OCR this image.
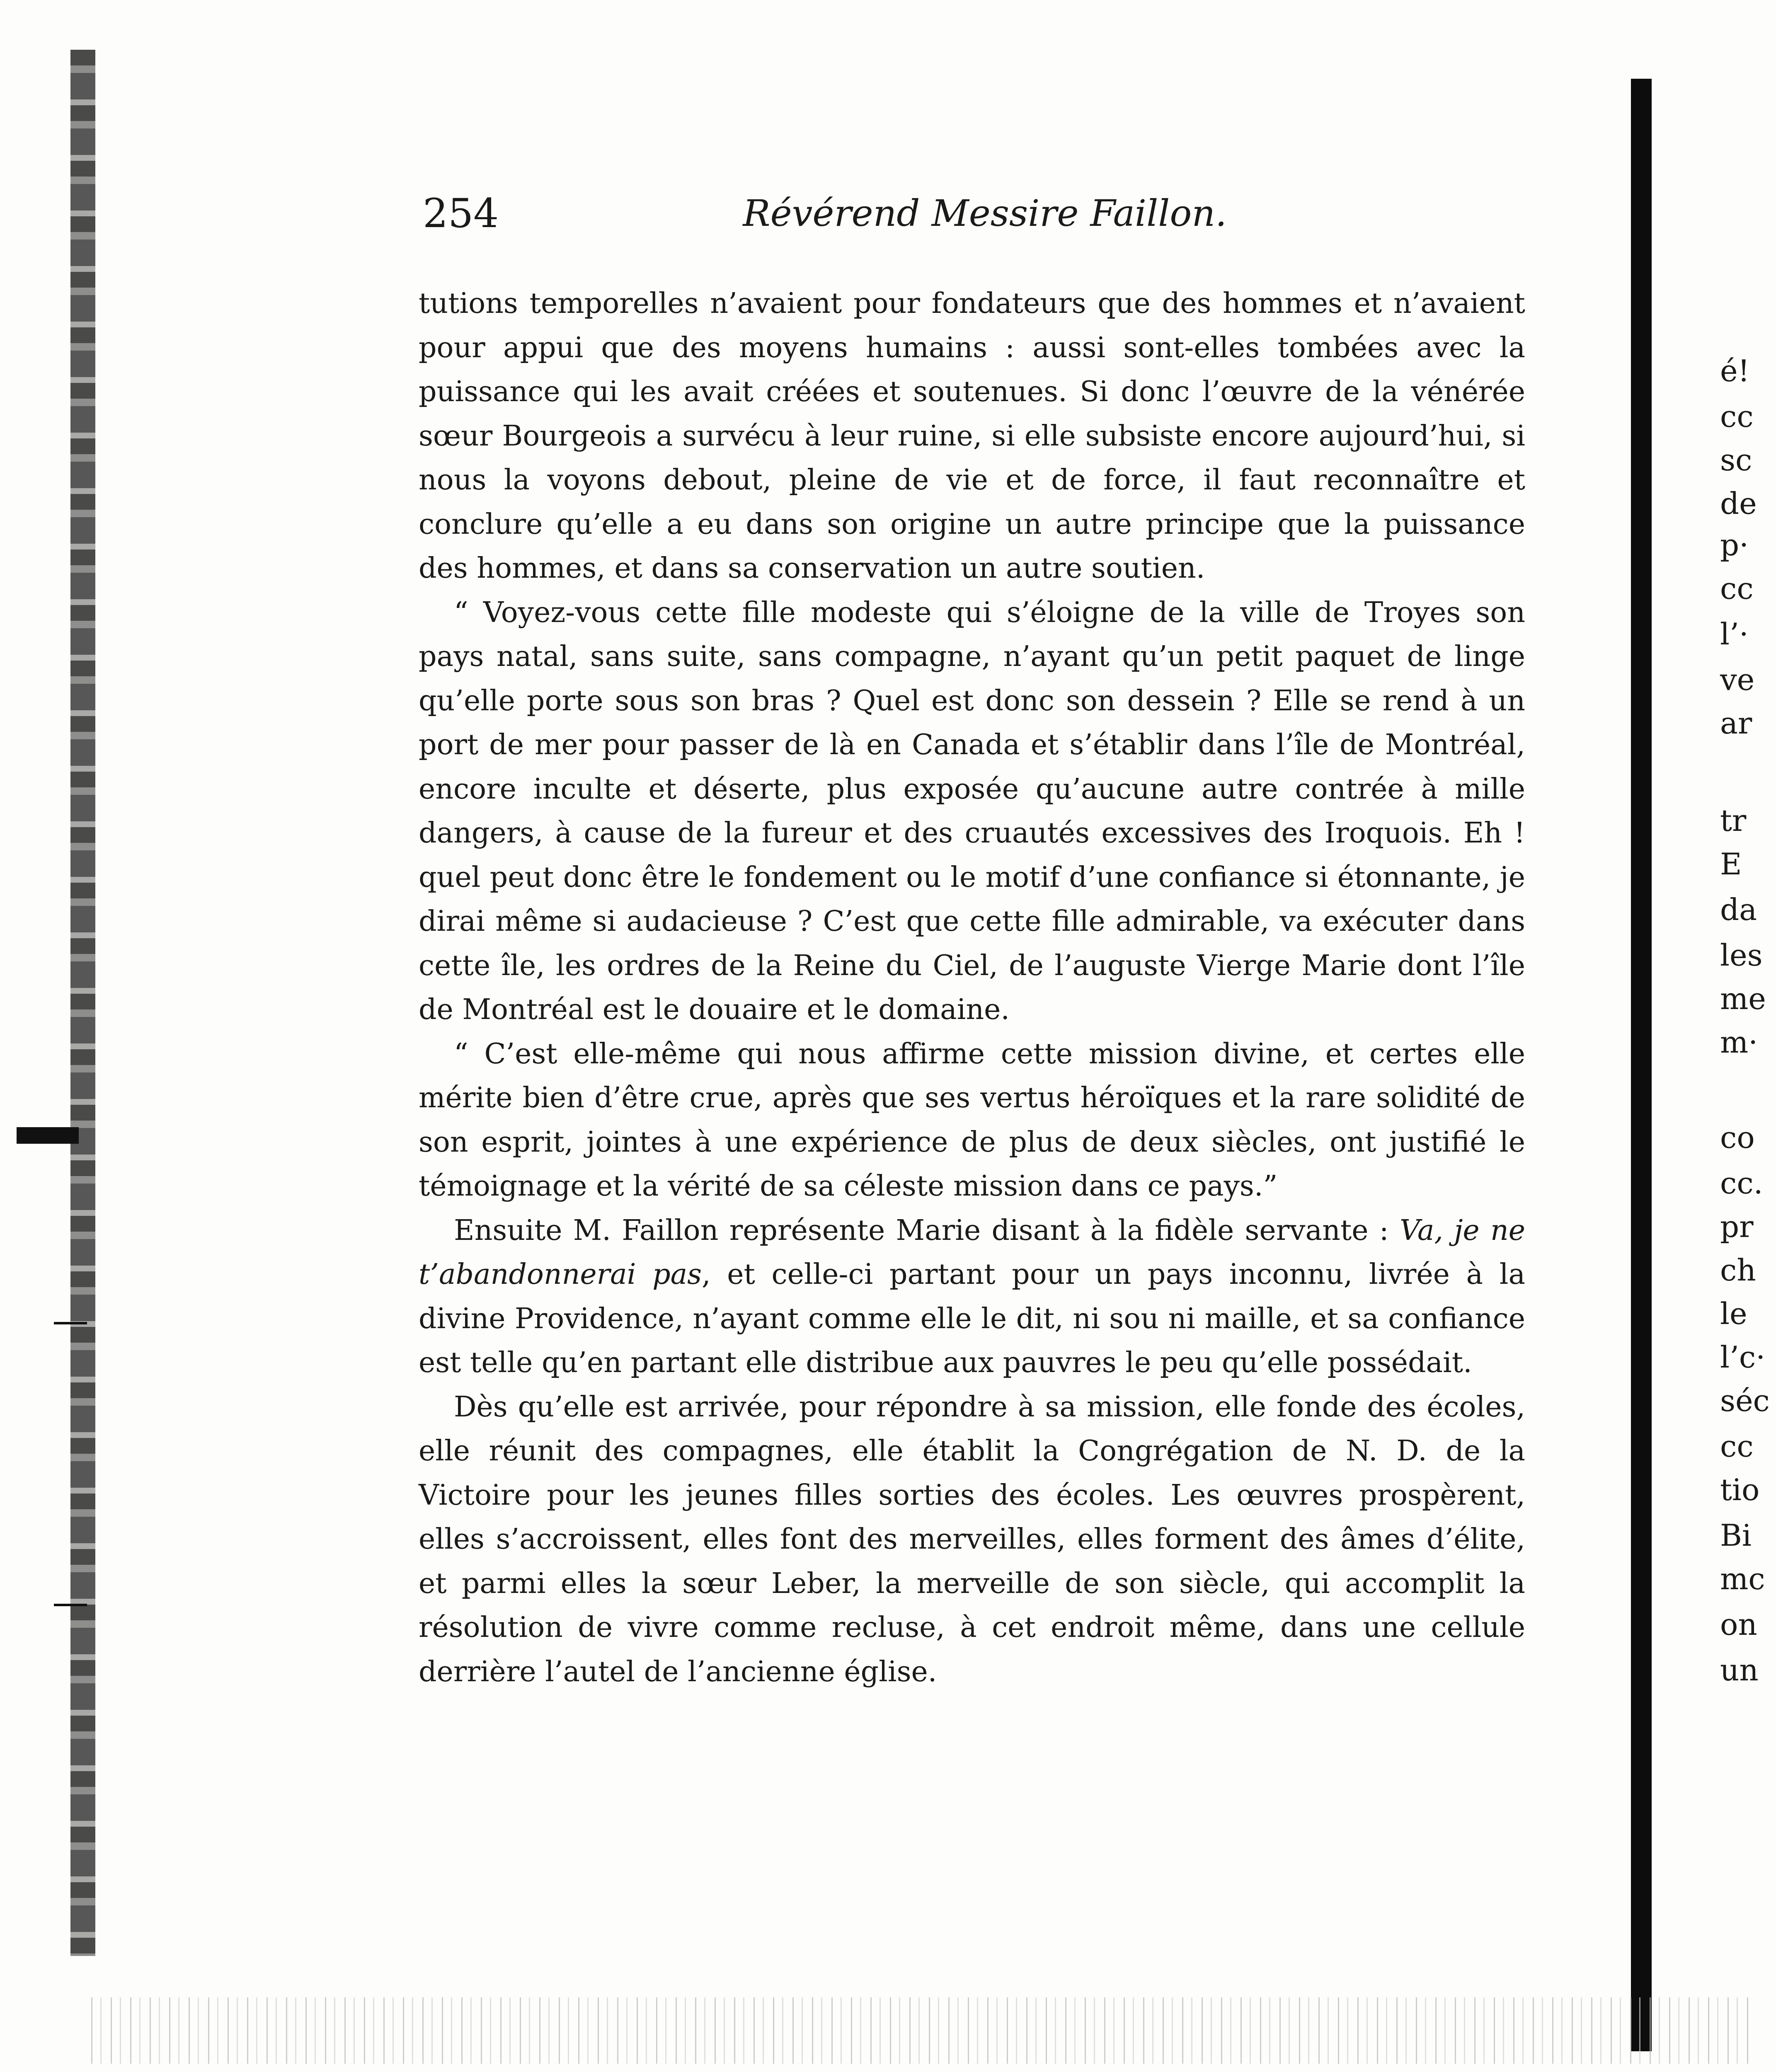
254	Révérend Messire Faillon.

tutions temporelles n’avaient pour fondateurs que des hommes et n’avaient pour appui que des moyens humains : aussi sont-elles tombées avec la puissance qui les avait créées et soutenues. Si donc l’œuvre de la vénérée sœur Bourgeois a survécu à leur ruine, si elle subsiste encore aujourd’hui, si nous la voyons debout, pleine de vie et de force, il faut reconnaître et conclure qu’elle a eu dans son origine un autre principe que la puissance des hommes, et dans sa conservation un autre soutien.

“ Voyez-vous cette fille modeste qui s’éloigne de la ville de Troyes son pays natal, sans suite, sans compagne, n’ayant qu’un petit paquet de linge qu’elle porte sous son bras ? Quel est donc son dessein ? Elle se rend à un port de mer pour passer de là en Canada et s’établir dans l’île de Montréal, encore inculte et déserte, plus exposée qu’aucune autre contrée à mille dangers, à cause de la fureur et des cruautés excessives des Iroquois. Eh ! quel peut donc être le fondement ou le motif d’une confiance si étonnante, je dirai même si audacieuse ? C’est que cette fille admirable, va exécuter dans cette île, les ordres de la Reine du Ciel, de l’auguste Vierge Marie dont l’île de Montréal est le douaire et le domaine.

“ C’est elle-même qui nous affirme cette mission divine, et certes elle mérite bien d’être crue, après que ses vertus héroïques et la rare solidité de son esprit, jointes à une expérience de plus de deux siècles, ont justifié le témoignage et la vérité de sa céleste mission dans ce pays.”

Ensuite M. Faillon représente Marie disant à la fidèle servante : Va, je ne t’abandonnerai pas, et celle-ci partant pour un pays inconnu, livrée à la divine Providence, n’ayant comme elle le dit, ni sou ni maille, et sa confiance est telle qu’en partant elle distribue aux pauvres le peu qu’elle possédait.

Dès qu’elle est arrivée, pour répondre à sa mission, elle fonde des écoles, elle réunit des compagnes, elle établit la Congrégation de N. D. de la Victoire pour les jeunes filles sorties des écoles. Les œuvres prospèrent, elles s’accroissent, elles font des merveilles, elles forment des âmes d’élite, et parmi elles la sœur Leber, la merveille de son siècle, qui accomplit la résolution de vivre comme recluse, à cet endroit même, dans une cellule derrière l’autel de l’ancienne église.

é!
cc
sc
de
p·
cc
l’·
ve
ar
tr
E
da
les
me
m·
co
cc.
pr
ch
le
l’c·
séc
cc
tio
Bi
mc
on
un
